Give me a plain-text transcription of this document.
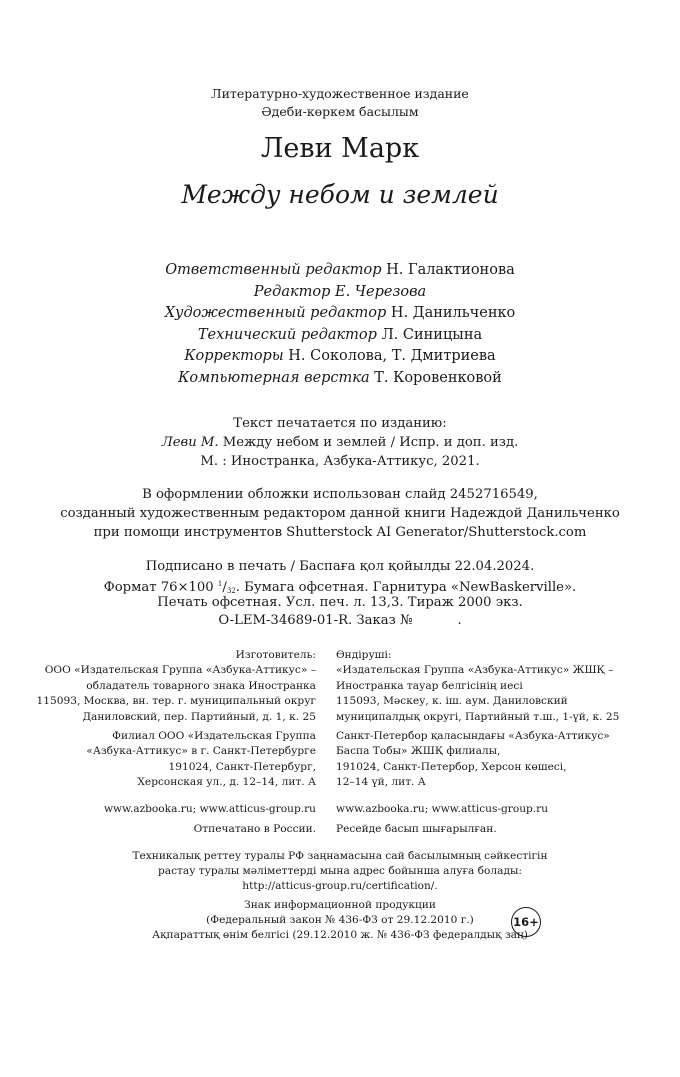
Литературно-художественное издание
Әдеби-көркем басылым
Леви Марк
Между небом и землей
Ответственный редактор Н. Галактионова
Редактор Е. Черезова
Художественный редактор Н. Данильченко
Технический редактор Л. Синицына
Корректоры Н. Соколова, Т. Дмитриева
Компьютерная верстка Т. Коровенковой
Текст печатается по изданию:
Леви М. Между небом и землей / Испр. и доп. изд.
М. : Иностранка, Азбука-Аттикус, 2021.
В оформлении обложки использован слайд 2452716549,
созданный художественным редактором данной книги Надеждой Данильченко
при помощи инструментов Shutterstock AI Generator/Shutterstock.com
Подписано в печать / Баспаға қол қойылды 22.04.2024.
Формат 76×100 $^1/_{32}$. Бумага офсетная. Гарнитура «NewBaskerville».
Печать офсетная. Усл. печ. л. 13,3. Тираж 2000 экз.
O-LEM-34689-01-R. Заказ №	.
Изготовитель:
ООО «Издательская Группа «Азбука-Аттикус» –
обладатель товарного знака Иностранка
115093, Москва, вн. тер. г. муниципальный округ
Даниловский, пер. Партийный, д. 1, к. 25
Өндіруші:
«Издательская Группа «Азбука-Аттикус» ЖШҚ –
Иностранка тауар белгісінің иесі
115093, Мәскеу, к. іш. аум. Даниловский
муниципалдық округі, Партийный т.ш., 1-үй, к. 25
Филиал ООО «Издательская Группа
«Азбука-Аттикус» в г. Санкт-Петербурге
191024, Санкт-Петербург,
Херсонская ул., д. 12–14, лит. А
Санкт-Петербор қаласындағы «Азбука-Аттикус»
Баспа Тобы» ЖШҚ филиалы,
191024, Санкт-Петербор, Херсон көшесі,
12–14 үй, лит. А
www.azbooka.ru; www.atticus-group.ru www.azbooka.ru; www.atticus-group.ru
Отпечатано в России. Ресейде басып шығарылған.
Техникалық реттеу туралы РФ заңнамасына сай басылымның сәйкестігін
растау туралы мәліметтерді мына адрес бойынша алуға болады:
http://atticus-group.ru/certification/.
Знак информационной продукции
(Федеральный закон № 436-ФЗ от 29.12.2010 г.)
Ақпараттық өнім белгісі (29.12.2010 ж. № 436-ФЗ федералдық заң)
16+
